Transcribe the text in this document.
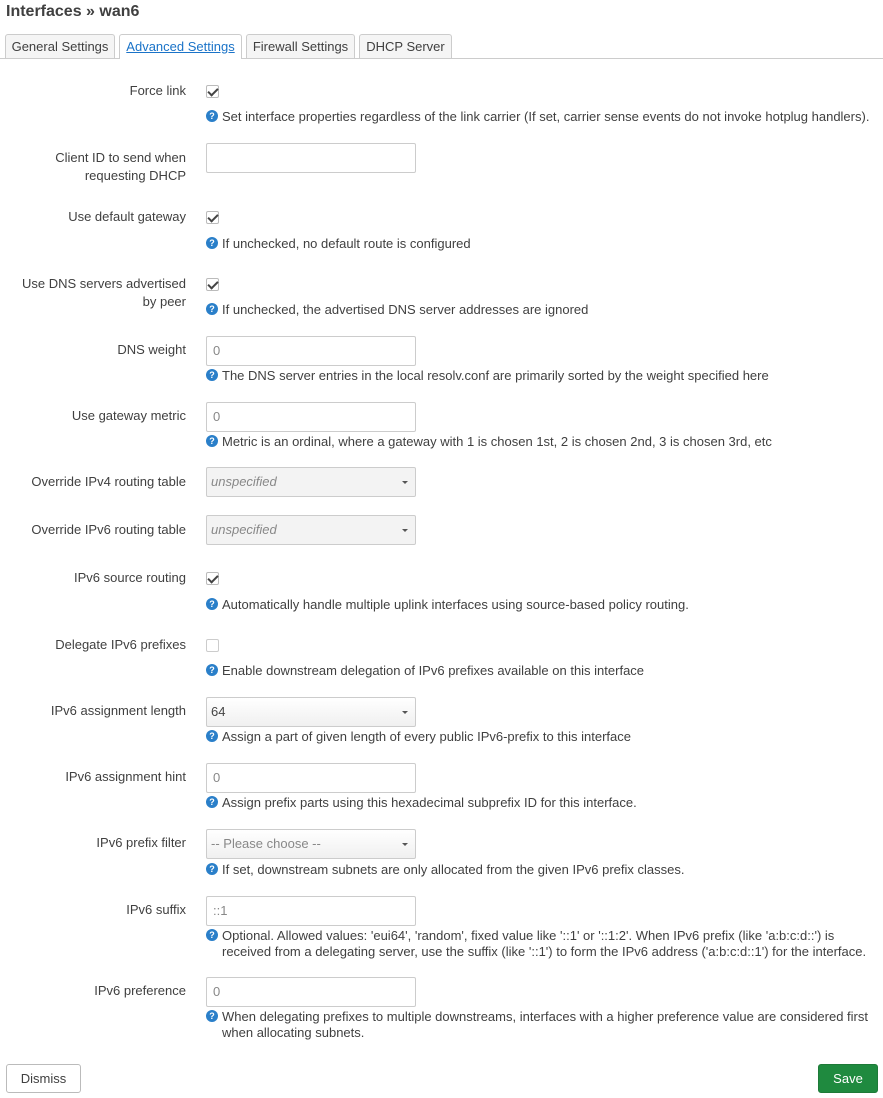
Interfaces » wan6
General Settings	Advanced Settings	Firewall Settings	DHCP Server
Force link
? Set interface properties regardless of the link carrier (If set, carrier sense events do not invoke hotplug handlers).
Client ID to send when requesting DHCP
Use default gateway
? If unchecked, no default route is configured
Use DNS servers advertised by peer	? If unchecked, the advertised DNS server addresses are ignored
DNS weight	0
? The DNS server entries in the local resolv.conf are primarily sorted by the weight specified here
Use gateway metric	0
? Metric is an ordinal, where a gateway with 1 is chosen 1st, 2 is chosen 2nd, 3 is chosen 3rd, etc
Override IPv4 routing table	unspecified
Override IPv6 routing table	unspecified
IPv6 source routing
? Automatically handle multiple uplink interfaces using source-based policy routing.
Delegate IPv6 prefixes
? Enable downstream delegation of IPv6 prefixes available on this interface
IPv6 assignment length	64
? Assign a part of given length of every public IPv6-prefix to this interface
IPv6 assignment hint	0
? Assign prefix parts using this hexadecimal subprefix ID for this interface.
IPv6 prefix filter	-- Please choose --
? If set, downstream subnets are only allocated from the given IPv6 prefix classes.
IPv6 suffix	::1
? Optional. Allowed values: 'eui64', 'random', fixed value like '::1' or '::1:2'. When IPv6 prefix (like 'a:b:c:d::') is
received from a delegating server, use the suffix (like '::1') to form the IPv6 address ('a:b:c:d::1') for the interface.
IPv6 preference	0
? When delegating prefixes to multiple downstreams, interfaces with a higher preference value are considered first
when allocating subnets.
Dismiss	Save
